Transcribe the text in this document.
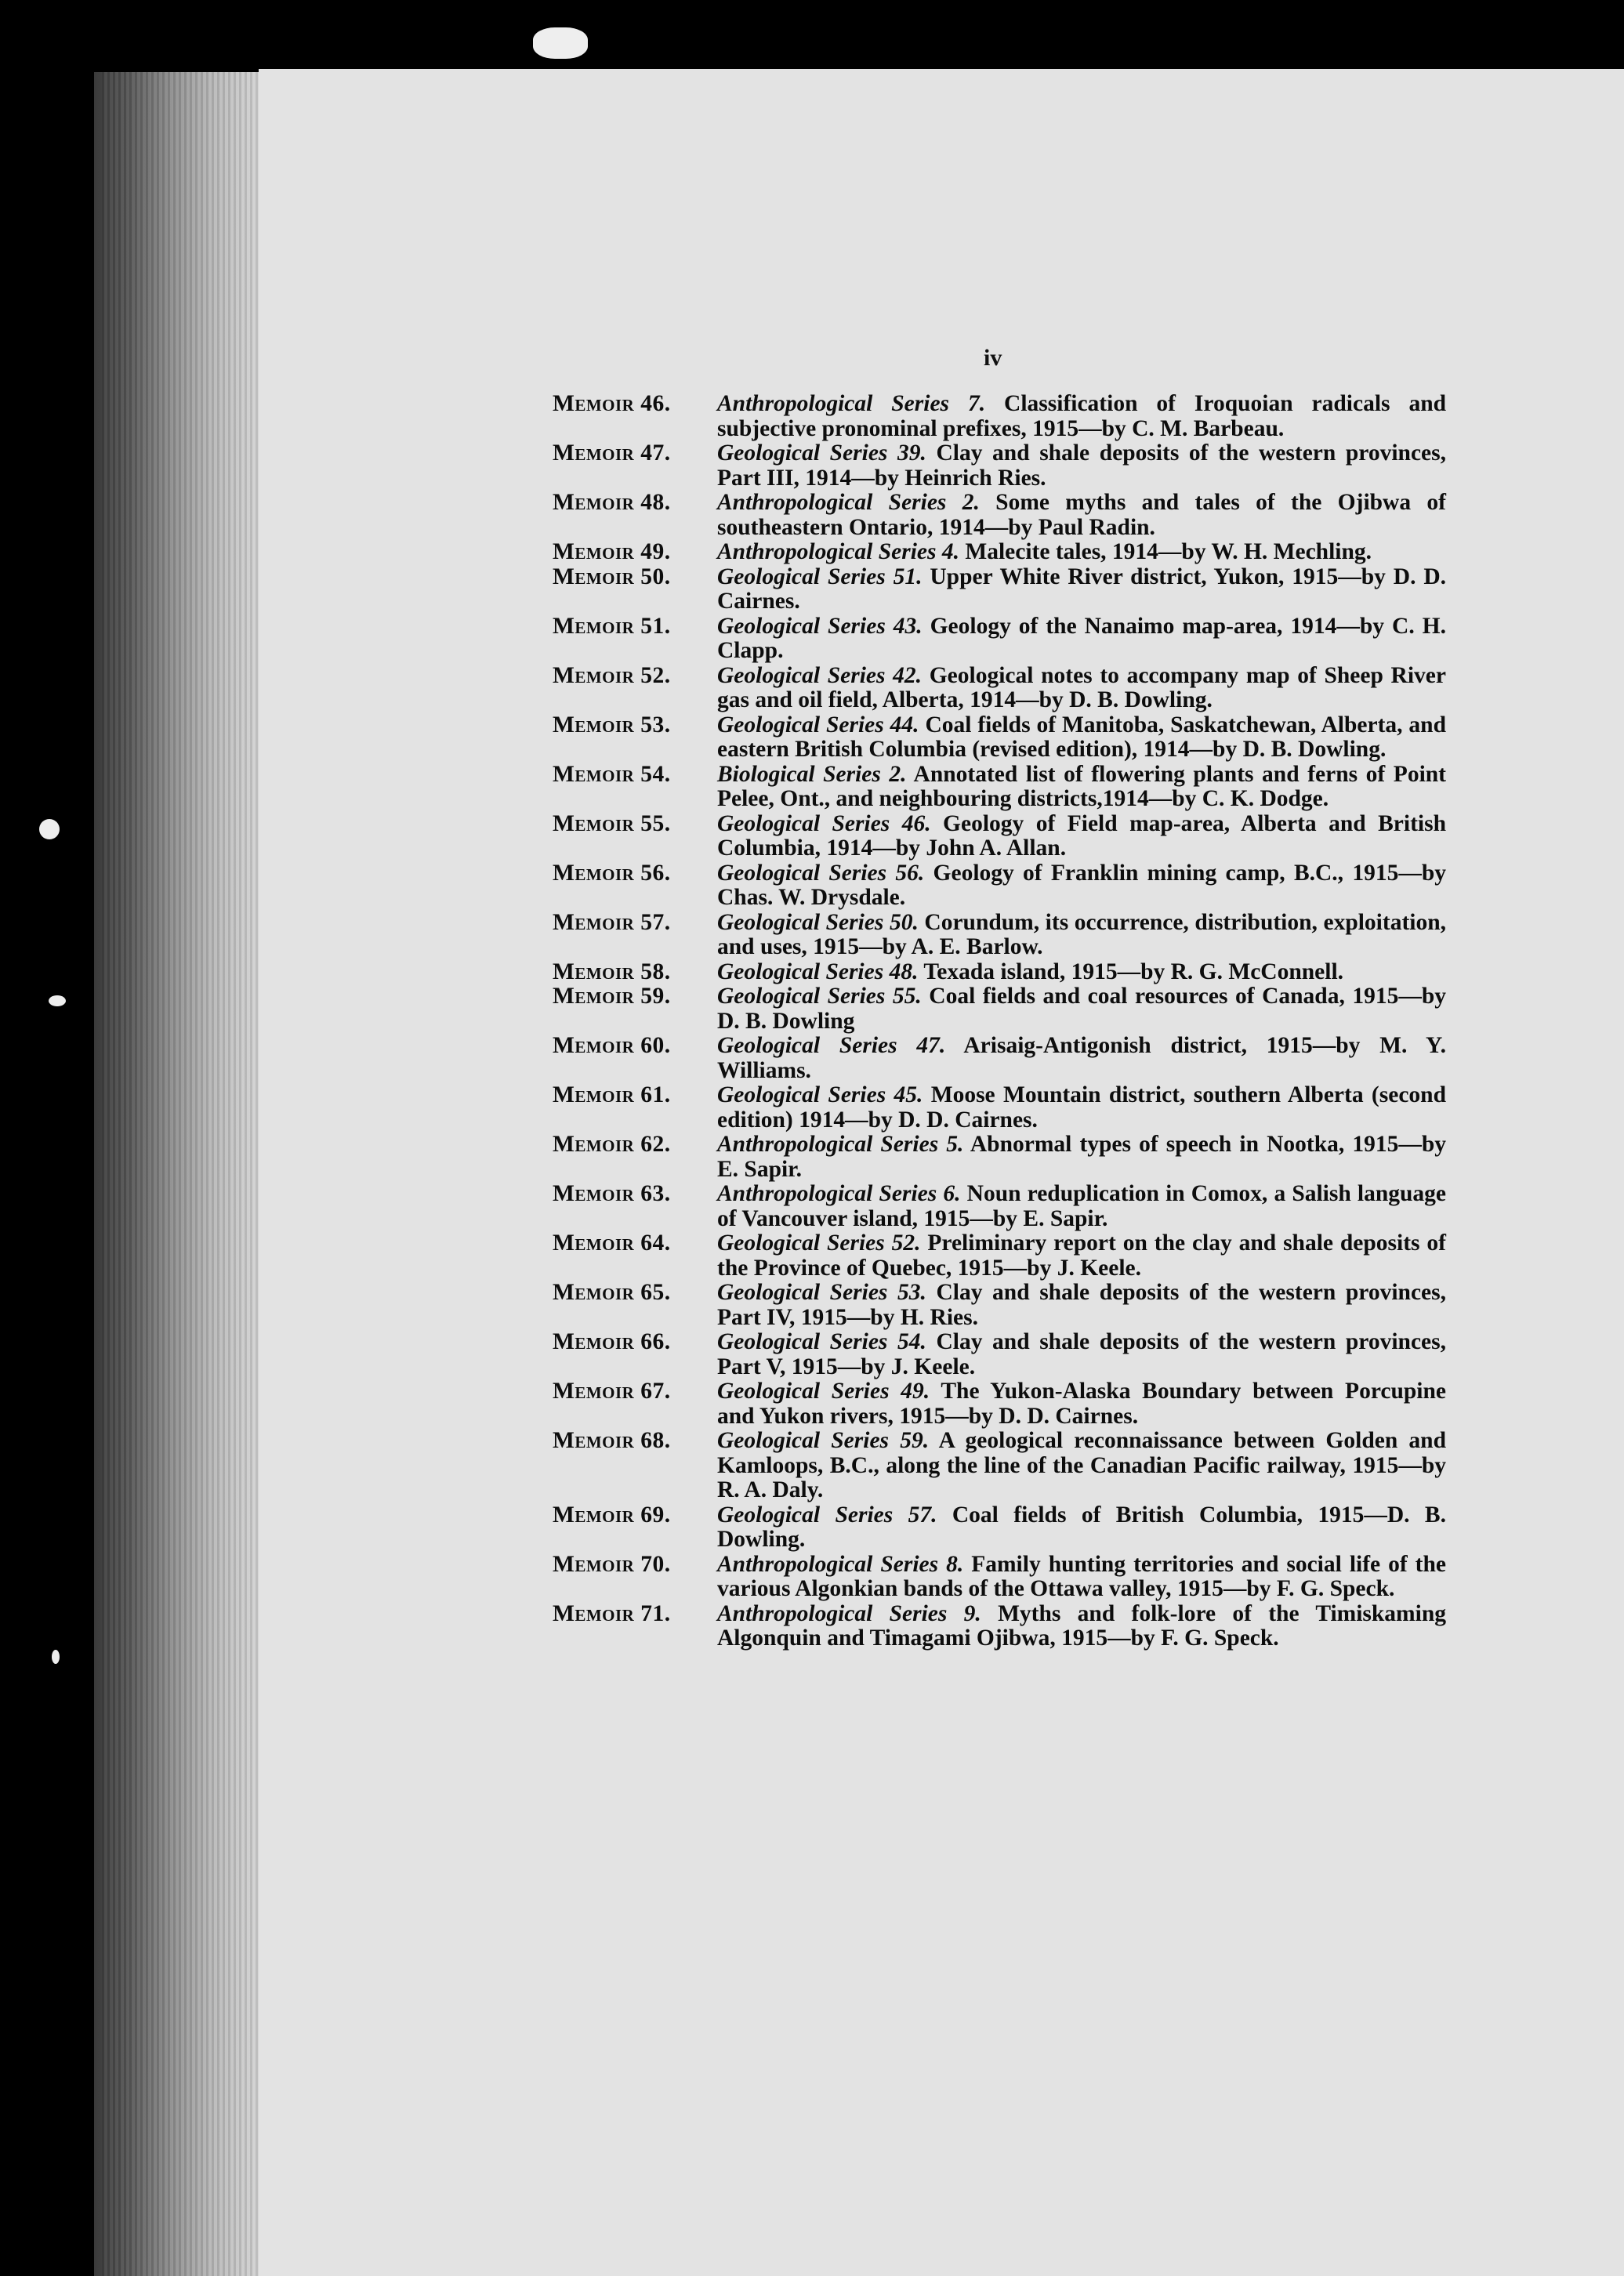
iv
Memoir 46.	Anthropological Series 7. Classification of Iroquoian radicals and subjective pronominal prefixes, 1915—by C. M. Barbeau.
Memoir 47.	Geological Series 39. Clay and shale deposits of the western provinces, Part III, 1914—by Heinrich Ries.
Memoir 48.	Anthropological Series 2. Some myths and tales of the Ojibwa of southeastern Ontario, 1914—by Paul Radin.
Memoir 49.	Anthropological Series 4. Malecite tales, 1914—by W. H. Mechling.
Memoir 50.	Geological Series 51. Upper White River district, Yukon, 1915—by D. D. Cairnes.
Memoir 51.	Geological Series 43. Geology of the Nanaimo map-area, 1914—by C. H. Clapp.
Memoir 52.	Geological Series 42. Geological notes to accompany map of Sheep River gas and oil field, Alberta, 1914—by D. B. Dowling.
Memoir 53.	Geological Series 44. Coal fields of Manitoba, Saskatchewan, Alberta, and eastern British Columbia (revised edition), 1914—by D. B. Dowling.
Memoir 54.	Biological Series 2. Annotated list of flowering plants and ferns of Point Pelee, Ont., and neighbouring districts,1914—by C. K. Dodge.
Memoir 55.	Geological Series 46. Geology of Field map-area, Alberta and British Columbia, 1914—by John A. Allan.
Memoir 56.	Geological Series 56. Geology of Franklin mining camp, B.C., 1915—by Chas. W. Drysdale.
Memoir 57.	Geological Series 50. Corundum, its occurrence, distribution, exploitation, and uses, 1915—by A. E. Barlow.
Memoir 58.	Geological Series 48. Texada island, 1915—by R. G. McConnell.
Memoir 59.	Geological Series 55. Coal fields and coal resources of Canada, 1915—by D. B. Dowling
Memoir 60.	Geological Series 47. Arisaig-Antigonish district, 1915—by M. Y. Williams.
Memoir 61.	Geological Series 45. Moose Mountain district, southern Alberta (second edition) 1914—by D. D. Cairnes.
Memoir 62.	Anthropological Series 5. Abnormal types of speech in Nootka, 1915—by E. Sapir.
Memoir 63.	Anthropological Series 6. Noun reduplication in Comox, a Salish language of Vancouver island, 1915—by E. Sapir.
Memoir 64.	Geological Series 52. Preliminary report on the clay and shale deposits of the Province of Quebec, 1915—by J. Keele.
Memoir 65.	Geological Series 53. Clay and shale deposits of the western provinces, Part IV, 1915—by H. Ries.
Memoir 66.	Geological Series 54. Clay and shale deposits of the western provinces, Part V, 1915—by J. Keele.
Memoir 67.	Geological Series 49. The Yukon-Alaska Boundary between Porcupine and Yukon rivers, 1915—by D. D. Cairnes.
Memoir 68.	Geological Series 59. A geological reconnaissance between Golden and Kamloops, B.C., along the line of the Canadian Pacific railway, 1915—by R. A. Daly.
Memoir 69.	Geological Series 57. Coal fields of British Columbia, 1915—D. B. Dowling.
Memoir 70.	Anthropological Series 8. Family hunting territories and social life of the various Algonkian bands of the Ottawa valley, 1915—by F. G. Speck.
Memoir 71.	Anthropological Series 9. Myths and folk-lore of the Timiskaming Algonquin and Timagami Ojibwa, 1915—by F. G. Speck.
